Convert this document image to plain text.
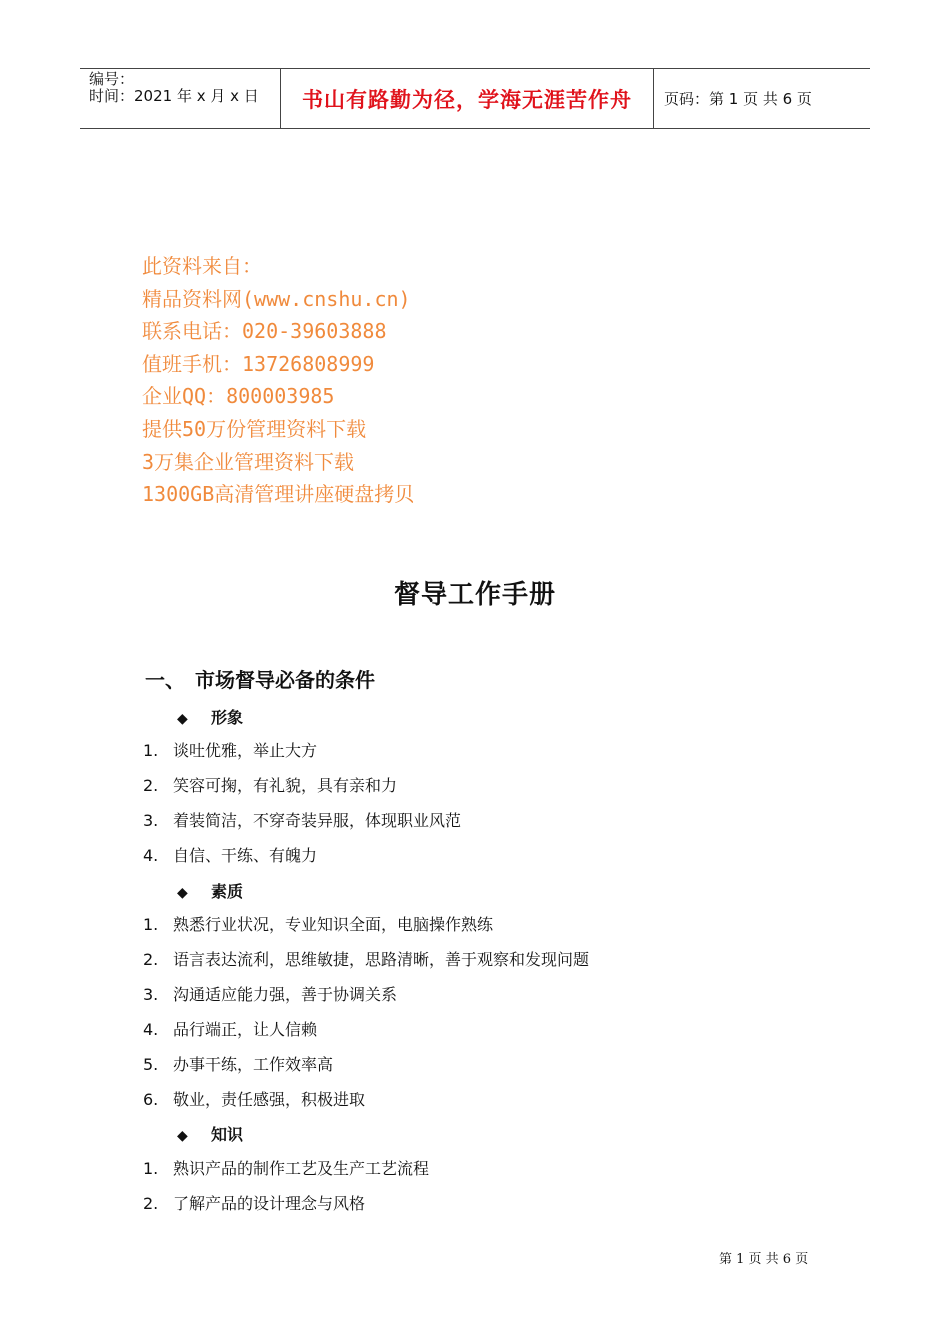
编号：
时间：2021 年 x 月 x 日	书山有路勤为径，学海无涯苦作舟	页码：第 1 页 共 6 页
此资料来自：
精品资料网(www.cnshu.cn)
联系电话：020-39603888
值班手机：13726808999
企业QQ：800003985
提供50万份管理资料下载
3万集企业管理资料下载
1300GB高清管理讲座硬盘拷贝
督导工作手册
一、 市场督导必备的条件
◆ 形象
1. 谈吐优雅，举止大方
2. 笑容可掬，有礼貌，具有亲和力
3. 着装简洁，不穿奇装异服，体现职业风范
4. 自信、干练、有魄力
◆ 素质
1. 熟悉行业状况，专业知识全面，电脑操作熟练
2. 语言表达流利，思维敏捷，思路清晰，善于观察和发现问题
3. 沟通适应能力强，善于协调关系
4. 品行端正，让人信赖
5. 办事干练，工作效率高
6. 敬业，责任感强，积极进取
◆ 知识
1. 熟识产品的制作工艺及生产工艺流程
2. 了解产品的设计理念与风格
第 1 页 共 6 页
